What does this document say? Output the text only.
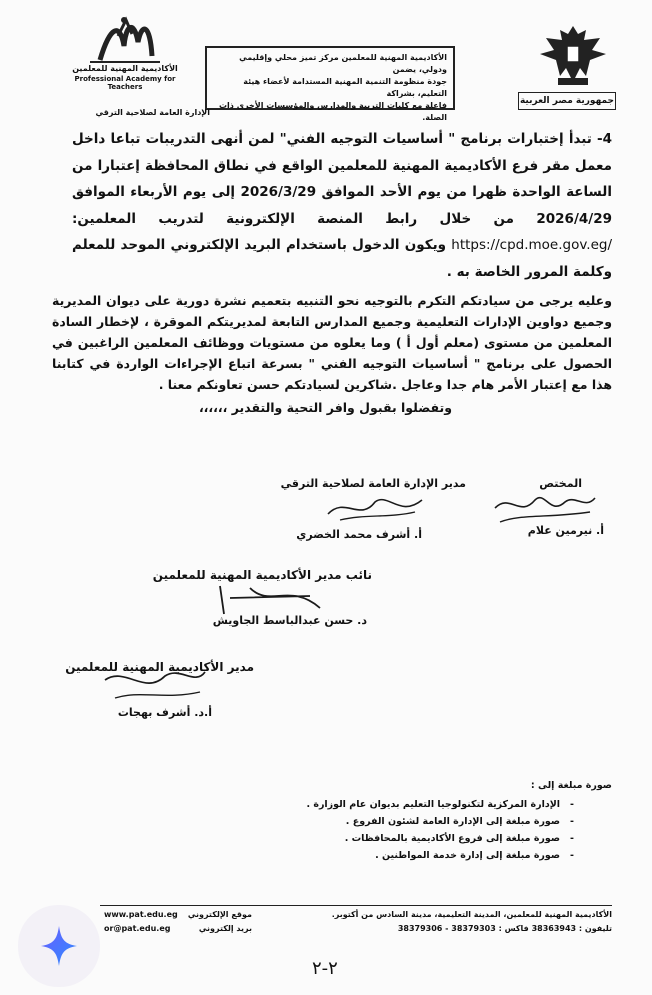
جمهورية مصر العربية
الأكاديمية المهنية للمعلمين مركز تميز محلي وإقليمي ودولي، يضمن
جودة منظومة التنمية المهنية المستدامة لأعضاء هيئة التعليم، بشراكة
فاعلة مع كليات التربية والمدارس والمؤسسات الأخرى ذات الصلة.
الأكاديمية المهنية للمعلمين
Professional Academy for Teachers
الإدارة العامة لصلاحية الترقي
4- تبدأ إختبارات برنامج " أساسيات التوجيه الفني" لمن أنهى التدريبات تباعا داخل معمل مقر فرع الأكاديمية المهنية للمعلمين الواقع في نطاق المحافظة إعتبارا من الساعة الواحدة ظهرا من يوم الأحد الموافق 2026/3/29 إلى يوم الأربعاء الموافق 2026/4/29 من خلال رابط المنصة الإلكترونية لتدريب المعلمين: https://cpd.moe.gov.eg/ ويكون الدخول باستخدام البريد الإلكتروني الموحد للمعلم وكلمة المرور الخاصة به .
وعليه يرجى من سيادتكم التكرم بالتوجيه نحو التنبيه بتعميم نشرة دورية على ديوان المديرية وجميع دواوين الإدارات التعليمية وجميع المدارس التابعة لمديريتكم الموقرة ، لإخطار السادة المعلمين من مستوى (معلم أول أ ) وما يعلوه من مستويات ووظائف المعلمين الراغبين في الحصول على برنامج " أساسيات التوجيه الفني " بسرعة اتباع الإجراءات الواردة في كتابنا هذا مع إعتبار الأمر هام جدا وعاجل .شاكرين لسيادتكم حسن تعاونكم معنا .
وتفضلوا بقبول وافر التحية والتقدير ،،،،،،
المختص
أ. نيرمين علام
مدير الإدارة العامة لصلاحية الترقي
أ. أشرف محمد الخضري
نائب مدير الأكاديمية المهنية للمعلمين
د. حسن عبدالباسط الجاويش
مدير الأكاديمية المهنية للمعلمين
أ.د. أشرف بهجات
صورة مبلغة إلى :
- الإدارة المركزية لتكنولوجيا التعليم بديوان عام الوزارة .
- صورة مبلغة إلى الإدارة العامة لشئون الفروع .
- صورة مبلغة إلى فروع الأكاديمية بالمحافظات .
- صورة مبلغة إلى إدارة خدمة المواطنين .
الأكاديمية المهنية للمعلمين، المدينة التعليمية، مدينة السادس من أكتوبر.
تليفون : 38363943 فاكس : 38379303 - 38379306
موقع الإلكتروني
www.pat.edu.eg
بريد إلكتروني
or@pat.edu.eg
٢-٢
